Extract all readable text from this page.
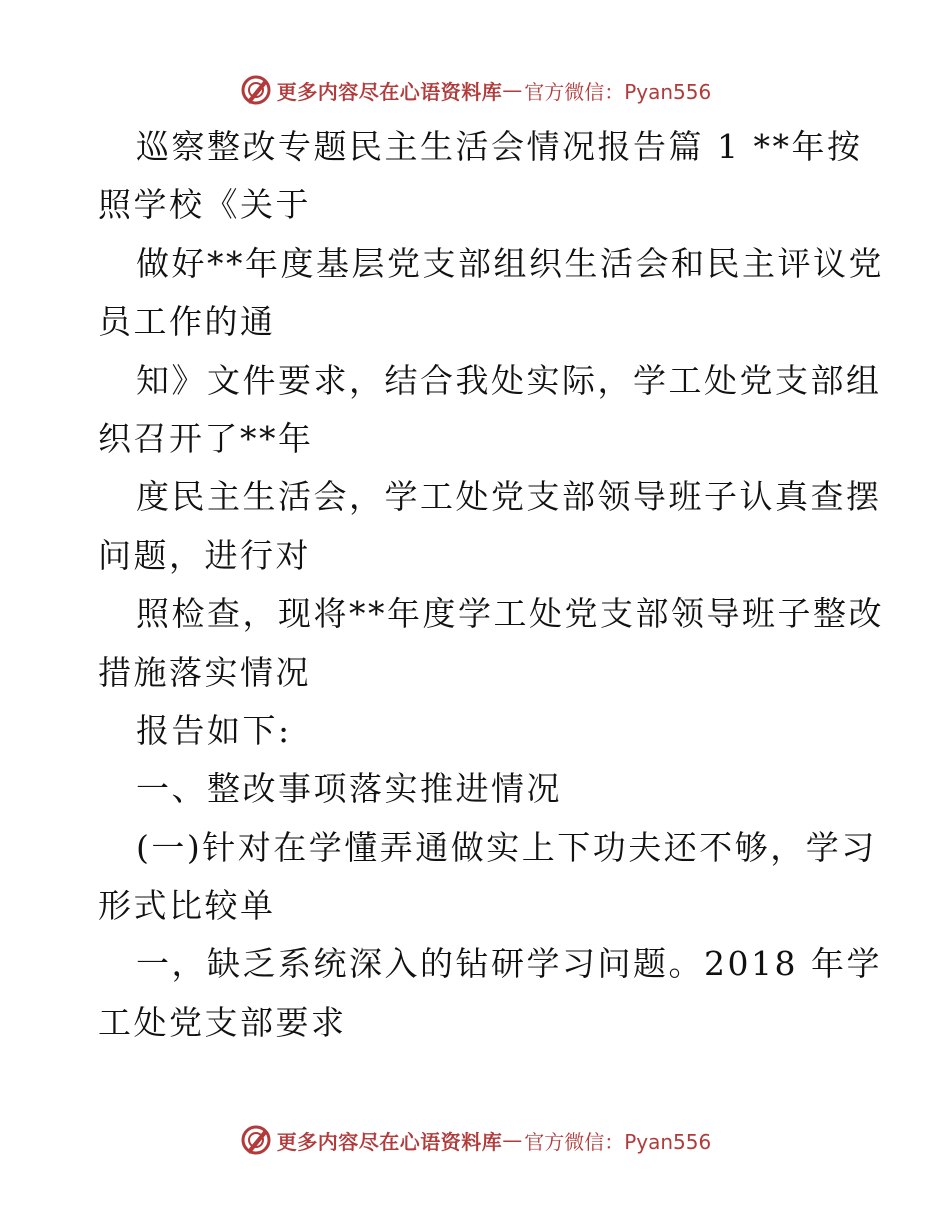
更多内容尽在心语资料库 — 官方微信：Pyan556
巡察整改专题民主生活会情况报告篇 1 **年按
照学校《关于
做好**年度基层党支部组织生活会和民主评议党
员工作的通
知》文件要求，结合我处实际，学工处党支部组
织召开了**年
度民主生活会，学工处党支部领导班子认真查摆
问题，进行对
照检查，现将**年度学工处党支部领导班子整改
措施落实情况
报告如下:
一、整改事项落实推进情况
(一)针对在学懂弄通做实上下功夫还不够，学习
形式比较单
一，缺乏系统深入的钻研学习问题。2018 年学
工处党支部要求
更多内容尽在心语资料库 — 官方微信：Pyan556
